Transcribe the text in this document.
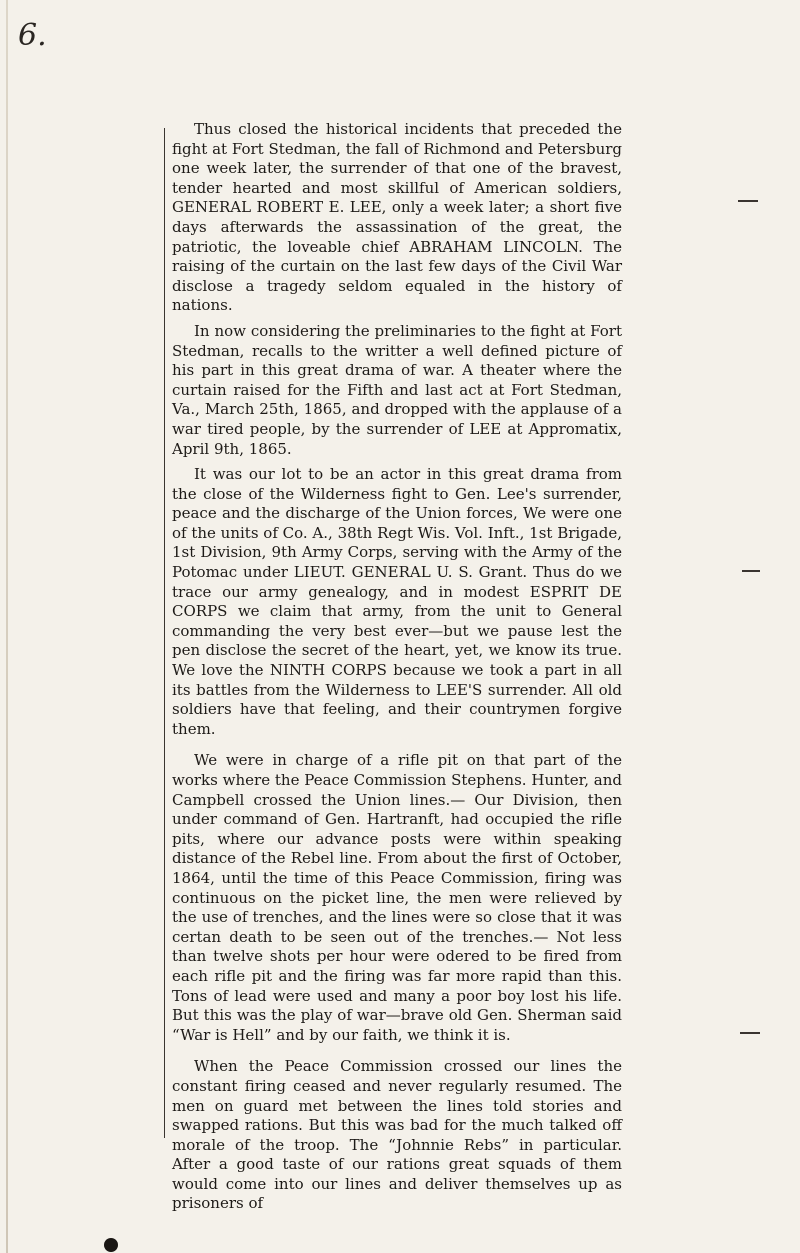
6.

Thus closed the historical incidents that preceded the fight at Fort Stedman, the fall of Richmond and Petersburg one week later, the surrender of that one of the bravest, tender hearted and most skillful of American soldiers, GENERAL ROBERT E. LEE, only a week later; a short five days afterwards the assassination of the great, the patriotic, the loveable chief ABRAHAM LINCOLN. The raising of the curtain on the last few days of the Civil War disclose a tragedy seldom equaled in the history of nations.

In now considering the preliminaries to the fight at Fort Stedman, recalls to the writter a well defined picture of his part in this great drama of war. A theater where the curtain raised for the Fifth and last act at Fort Stedman, Va., March 25th, 1865, and dropped with the applause of a war tired people, by the surrender of LEE at Appromatix, April 9th, 1865.

It was our lot to be an actor in this great drama from the close of the Wilderness fight to Gen. Lee's surrender, peace and the discharge of the Union forces, We were one of the units of Co. A., 38th Regt Wis. Vol. Inft., 1st Brigade, 1st Division, 9th Army Corps, serving with the Army of the Potomac under LIEUT. GENERAL U. S. Grant. Thus do we trace our army genealogy, and in modest ESPRIT DE CORPS we claim that army, from the unit to General commanding the very best ever—but we pause lest the pen disclose the secret of the heart, yet, we know its true. We love the NINTH CORPS because we took a part in all its battles from the Wilderness to LEE'S surrender. All old soldiers have that feeling, and their countrymen forgive them.

We were in charge of a rifle pit on that part of the works where the Peace Commission Stephens. Hunter, and Campbell crossed the Union lines.— Our Division, then under command of Gen. Hartranft, had occupied the rifle pits, where our advance posts were within speaking distance of the Rebel line. From about the first of October, 1864, until the time of this Peace Commission, firing was continuous on the picket line, the men were relieved by the use of trenches, and the lines were so close that it was certan death to be seen out of the trenches.— Not less than twelve shots per hour were odered to be fired from each rifle pit and the firing was far more rapid than this. Tons of lead were used and many a poor boy lost his life. But this was the play of war—brave old Gen. Sherman said “War is Hell” and by our faith, we think it is.

When the Peace Commission crossed our lines the constant firing ceased and never regularly resumed. The men on guard met between the lines told stories and swapped rations. But this was bad for the much talked off morale of the troop. The “Johnnie Rebs” in particular. After a good taste of our rations great squads of them would come into our lines and deliver themselves up as prisoners of
